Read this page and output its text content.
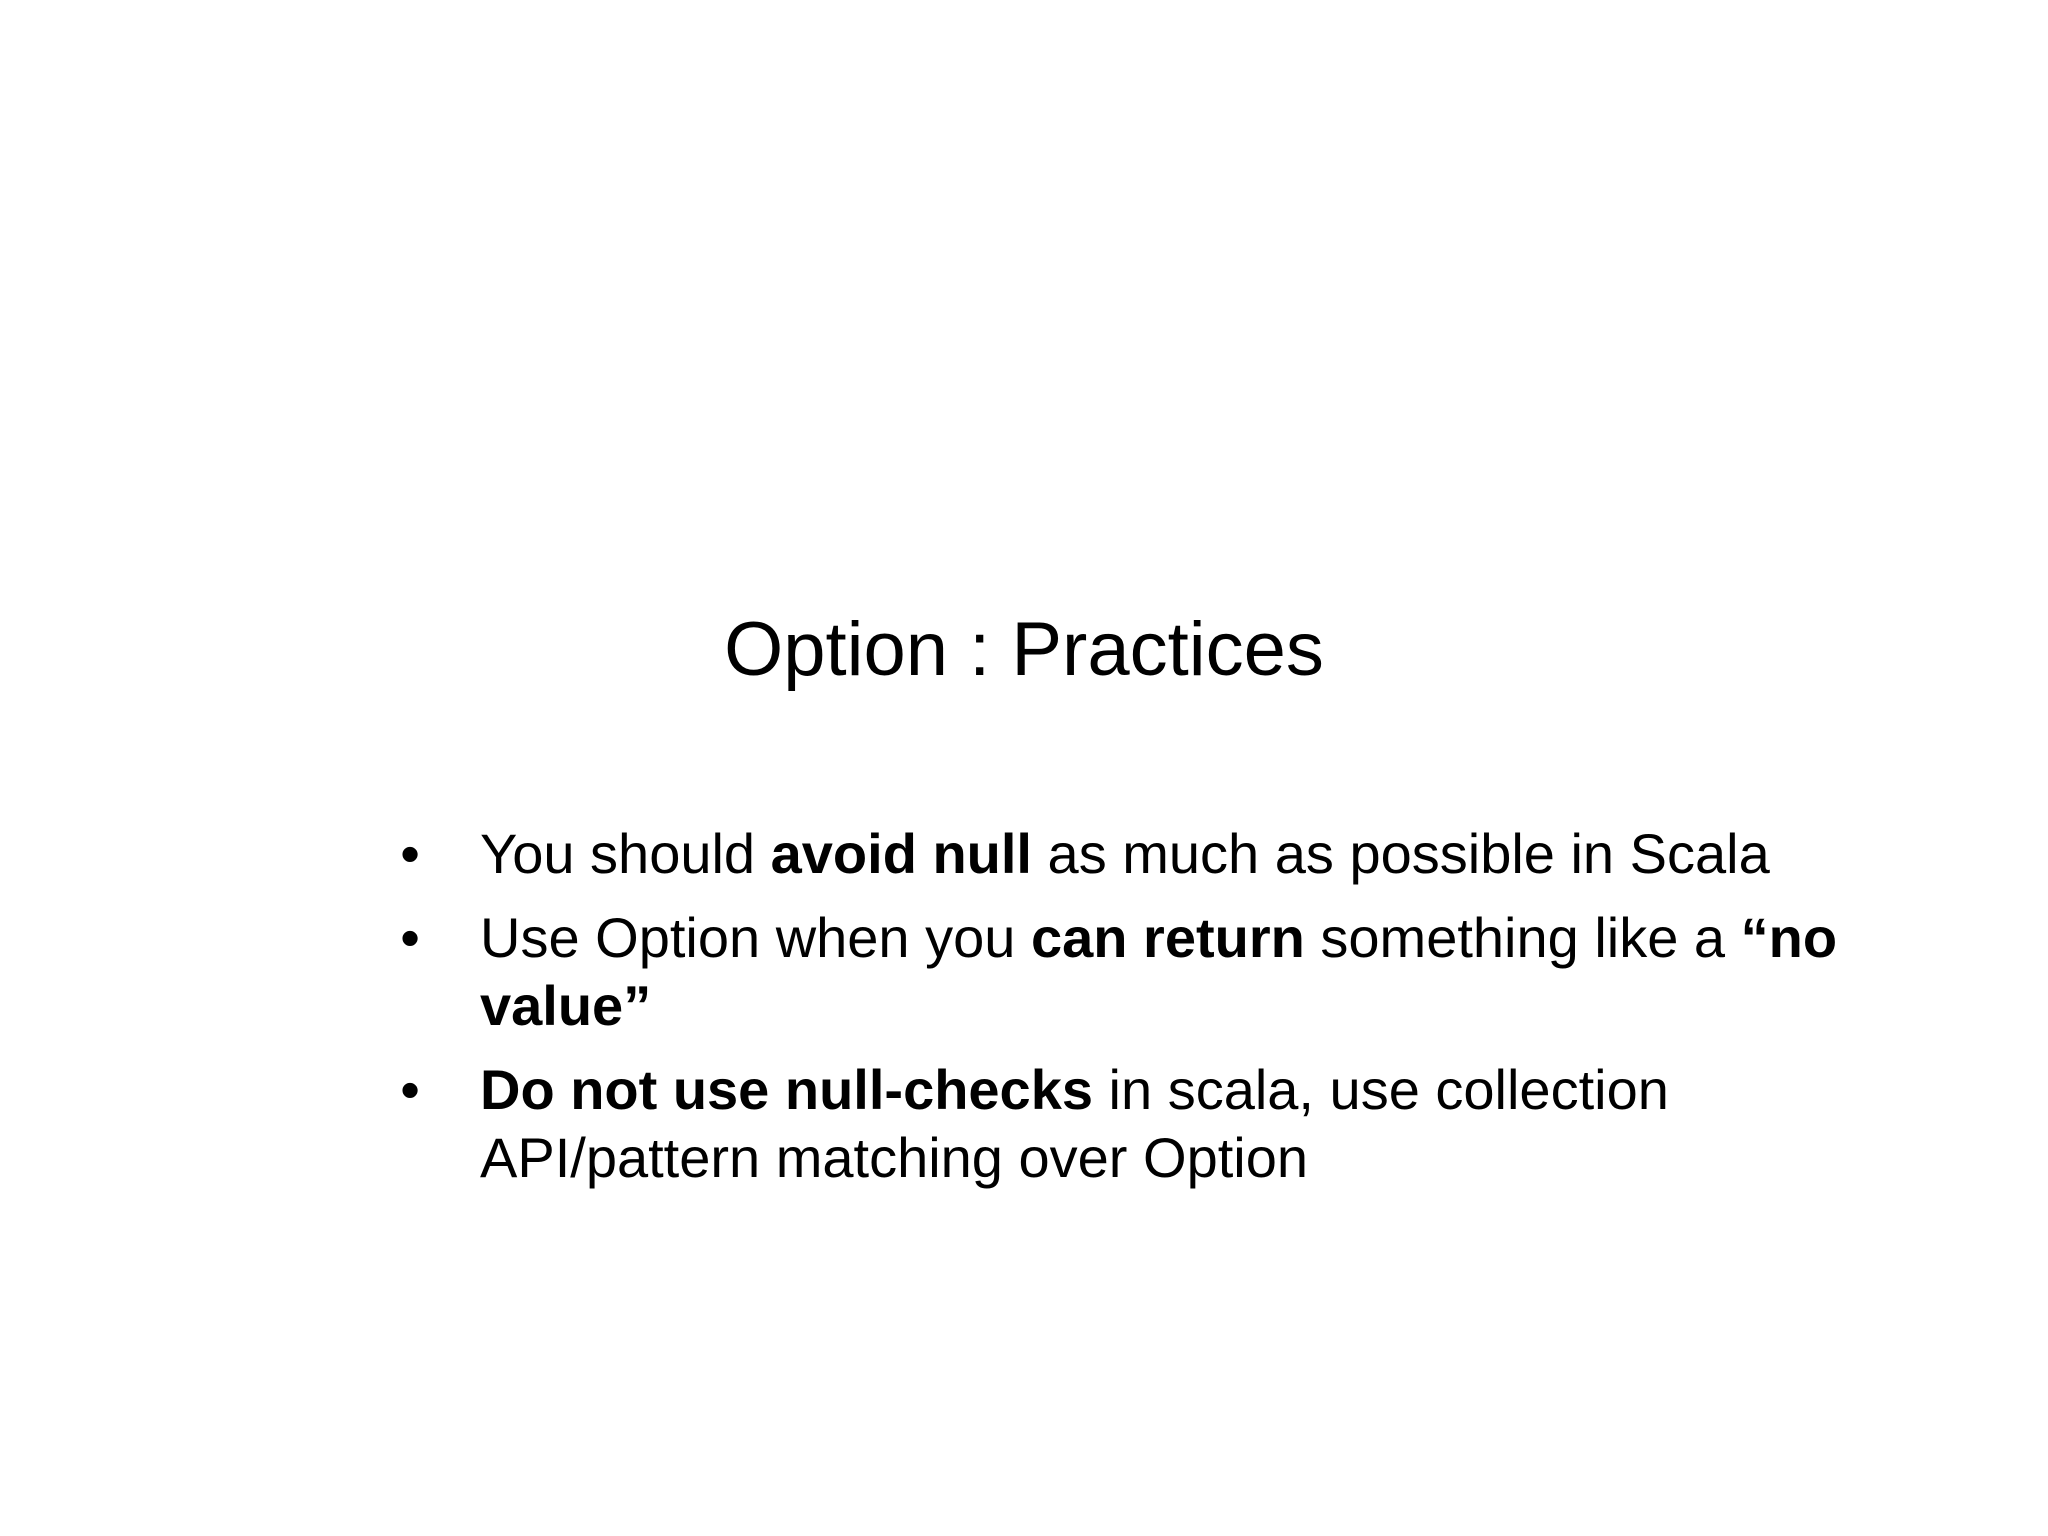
Option : Practices
• You should avoid null as much as possible in Scala
• Use Option when you can return something like a “no value”
• Do not use null-checks in scala, use collection API/pattern matching over Option
